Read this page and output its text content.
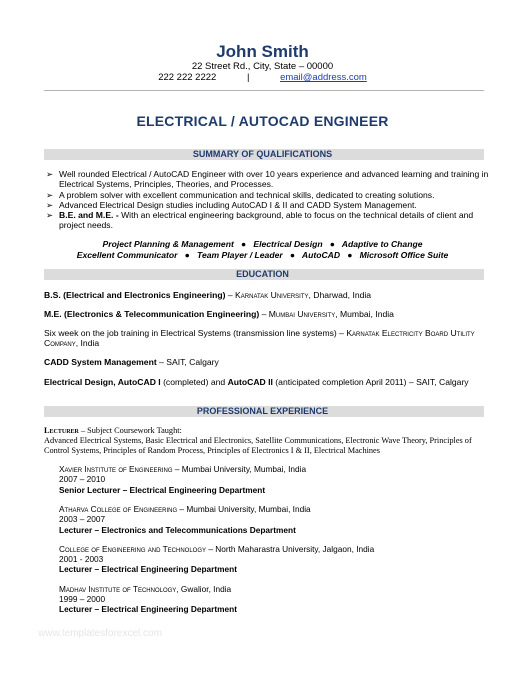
John Smith
22 Street Rd., City, State – 00000
222 222 2222	|	email@address.com
ELECTRICAL / AUTOCAD ENGINEER
SUMMARY OF QUALIFICATIONS
➢ Well rounded Electrical / AutoCAD Engineer with over 10 years experience and advanced learning and training in Electrical Systems, Principles, Theories, and Processes.
➢ A problem solver with excellent communication and technical skills, dedicated to creating solutions.
➢ Advanced Electrical Design studies including AutoCAD I & II and CADD System Management.
➢ B.E. and M.E. - With an electrical engineering background, able to focus on the technical details of client and project needs.
Project Planning & Management   ●   Electrical Design   ●   Adaptive to Change
Excellent Communicator   ●   Team Player / Leader   ●   AutoCAD   ●   Microsoft Office Suite
EDUCATION
B.S. (Electrical and Electronics Engineering) – Karnatak University, Dharwad, India
M.E. (Electronics & Telecommunication Engineering) – Mumbai University, Mumbai, India
Six week on the job training in Electrical Systems (transmission line systems) – Karnatak Electricity Board Utility Company, India
CADD System Management – SAIT, Calgary
Electrical Design, AutoCAD I (completed) and AutoCAD II (anticipated completion April 2011) – SAIT, Calgary
PROFESSIONAL EXPERIENCE
Lecturer – Subject Coursework Taught:
Advanced Electrical Systems, Basic Electrical and Electronics, Satellite Communications, Electronic Wave Theory, Principles of Control Systems, Principles of Random Process, Principles of Electronics I & II, Electrical Machines
Xavier Institute of Engineering – Mumbai University, Mumbai, India
2007 – 2010
Senior Lecturer – Electrical Engineering Department
Atharva College of Engineering – Mumbai University, Mumbai, India
2003 – 2007
Lecturer – Electronics and Telecommunications Department
College of Engineering and Technology – North Maharastra University, Jalgaon, India
2001 - 2003
Lecturer – Electrical Engineering Department
Madhav Institute of Technology, Gwalior, India
1999 – 2000
Lecturer – Electrical Engineering Department
www.templatesforexcel.com
